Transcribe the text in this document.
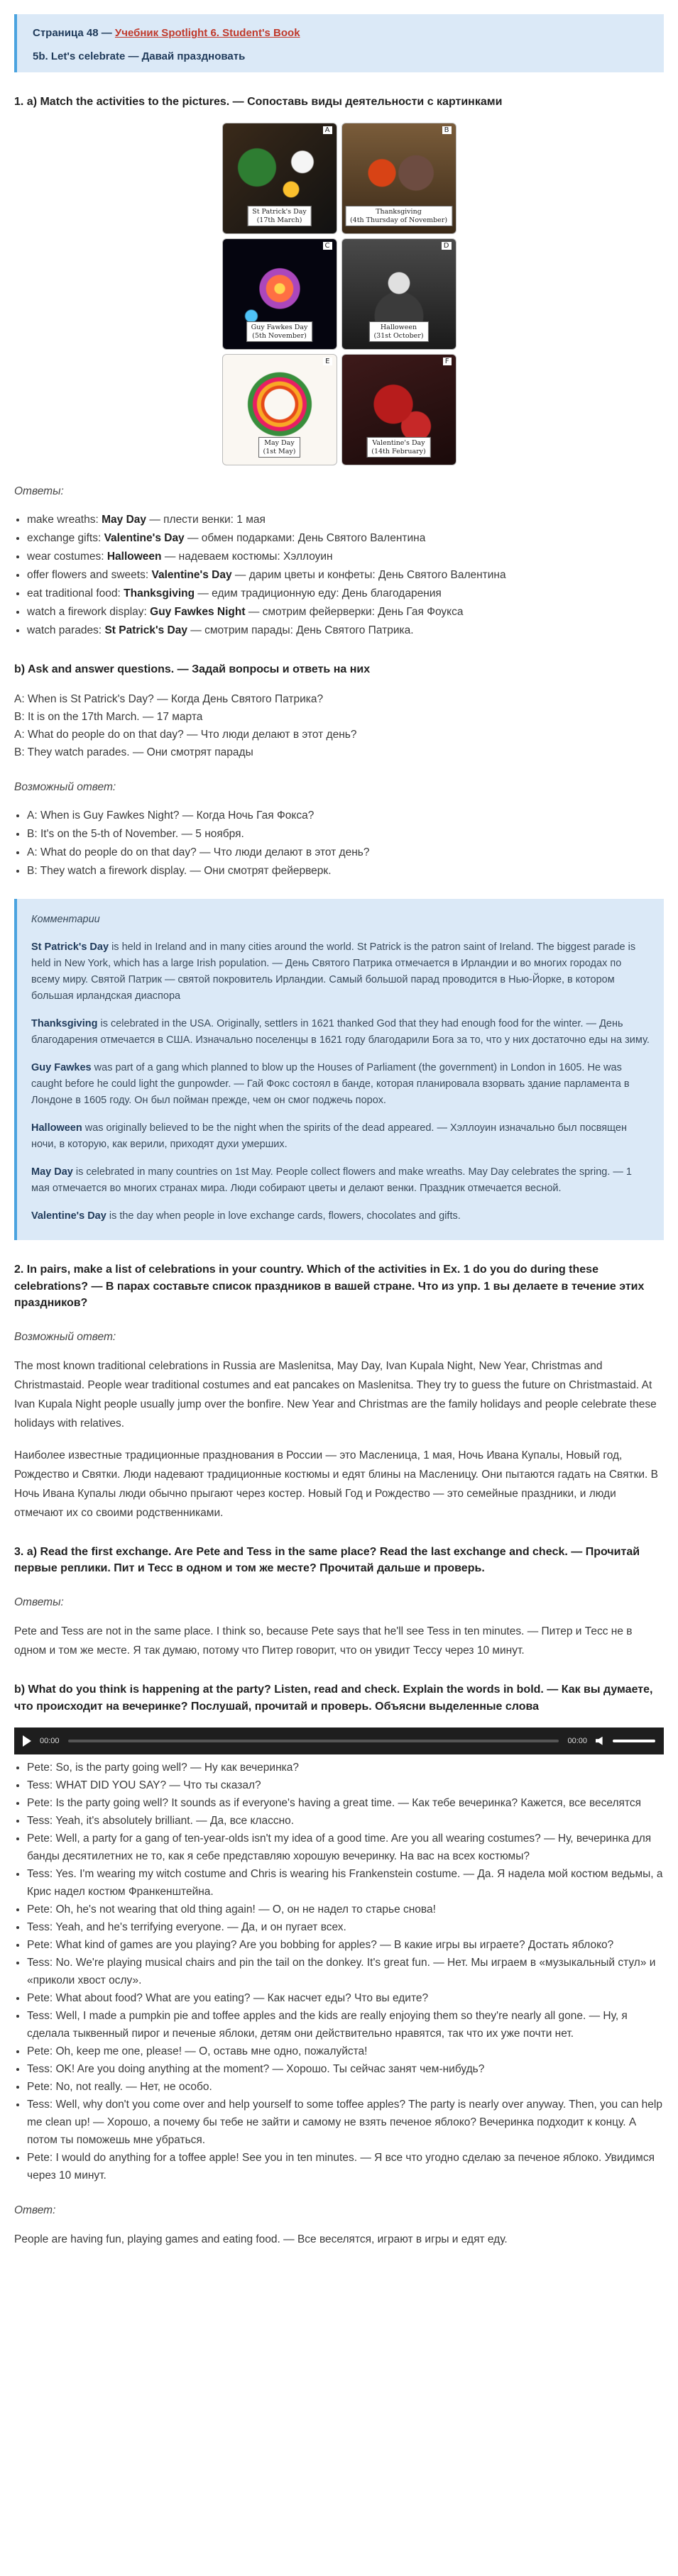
Страница 48 — Учебник Spotlight 6. Student's Book

5b. Let's celebrate — Давай праздновать

1. a) Match the activities to the pictures. — Сопоставь виды деятельности с картинками
A
St Patrick's Day
(17th March)
B
Thanksgiving
(4th Thursday of November)
C
Guy Fawkes Day
(5th November)
D
Halloween
(31st October)
E
May Day
(1st May)
F
Valentine's Day
(14th February)

Ответы:

• make wreaths: May Day — плести венки: 1 мая
• exchange gifts: Valentine's Day — обмен подарками: День Святого Валентина
• wear costumes: Halloween — надеваем костюмы: Хэллоуин
• offer flowers and sweets: Valentine's Day — дарим цветы и конфеты: День Святого Валентина
• eat traditional food: Thanksgiving — едим традиционную еду: День благодарения
• watch a firework display: Guy Fawkes Night — смотрим фейерверки: День Гая Фоукса
• watch parades: St Patrick's Day — смотрим парады: День Святого Патрика.
b) Ask and answer questions. — Задай вопросы и ответь на них

A: When is St Patrick's Day? — Когда День Святого Патрика?

B: It is on the 17th March. — 17 марта

A: What do people do on that day? — Что люди делают в этот день?

B: They watch parades. — Они смотрят парады

Возможный ответ:

• A: When is Guy Fawkes Night? — Когда Ночь Гая Фокса?
• B: It's on the 5-th of November. — 5 ноября.
• A: What do people do on that day? — Что люди делают в этот день?
• B: They watch a firework display. — Они смотрят фейерверк.
Комментарии

St Patrick's Day is held in Ireland and in many cities around the world. St Patrick is the patron saint of Ireland. The biggest parade is held in New York, which has a large Irish population. — День Святого Патрика отмечается в Ирландии и во многих городах по всему миру. Святой Патрик — святой покровитель Ирландии. Самый большой парад проводится в Нью-Йорке, в котором большая ирландская диаспора

Thanksgiving is celebrated in the USA. Originally, settlers in 1621 thanked God that they had enough food for the winter. — День благодарения отмечается в США. Изначально поселенцы в 1621 году благодарили Бога за то, что у них достаточно еды на зиму.

Guy Fawkes was part of a gang which planned to blow up the Houses of Parliament (the government) in London in 1605. He was caught before he could light the gunpowder. — Гай Фокс состоял в банде, которая планировала взорвать здание парламента в Лондоне в 1605 году. Он был пойман прежде, чем он смог поджечь порох.

Halloween was originally believed to be the night when the spirits of the dead appeared. — Хэллоуин изначально был посвящен ночи, в которую, как верили, приходят духи умерших.

May Day is celebrated in many countries on 1st May. People collect flowers and make wreaths. May Day celebrates the spring. — 1 мая отмечается во многих странах мира. Люди собирают цветы и делают венки. Праздник отмечается весной.

Valentine's Day is the day when people in love exchange cards, flowers, chocolates and gifts.

2. In pairs, make a list of celebrations in your country. Which of the activities in Ex. 1 do you do during these celebrations? — В парах составьте список праздников в вашей стране. Что из упр. 1 вы делаете в течение этих праздников?

Возможный ответ:

The most known traditional celebrations in Russia are Maslenitsa, May Day, Ivan Kupala Night, New Year, Christmas and Christmastaid. People wear traditional costumes and eat pancakes on Maslenitsa. They try to guess the future on Christmastaid. At Ivan Kupala Night people usually jump over the bonfire. New Year and Christmas are the family holidays and people celebrate these holidays with relatives.

Наиболее известные традиционные празднования в России — это Масленица, 1 мая, Ночь Ивана Купалы, Новый год, Рождество и Святки. Люди надевают традиционные костюмы и едят блины на Масленицу. Они пытаются гадать на Святки. В Ночь Ивана Купалы люди обычно прыгают через костер. Новый Год и Рождество — это семейные праздники, и люди отмечают их со своими родственниками.

3. a) Read the first exchange. Are Pete and Tess in the same place? Read the last exchange and check. — Прочитай первые реплики. Пит и Тесс в одном и том же месте? Прочитай дальше и проверь.

Ответы:

Pete and Tess are not in the same place. I think so, because Pete says that he'll see Tess in ten minutes. — Питер и Тесс не в одном и том же месте. Я так думаю, потому что Питер говорит, что он увидит Тессу через 10 минут.

b) What do you think is happening at the party? Listen, read and check. Explain the words in bold. — Как вы думаете, что происходит на вечеринке? Послушай, прочитай и проверь. Объясни выделенные слова
00:00	00:00
• Pete: So, is the party going well? — Ну как вечеринка?
• Tess: WHAT DID YOU SAY? — Что ты сказал?
• Pete: Is the party going well? It sounds as if everyone's having a great time. — Как тебе вечеринка? Кажется, все веселятся
• Tess: Yeah, it's absolutely brilliant. — Да, все классно.
• Pete: Well, a party for a gang of ten-year-olds isn't my idea of a good time. Are you all wearing costumes? — Ну, вечеринка для банды десятилетних не то, как я себе представляю хорошую вечеринку. На вас на всех костюмы?
• Tess: Yes. I'm wearing my witch costume and Chris is wearing his Frankenstein costume. — Да. Я надела мой костюм ведьмы, а Крис надел костюм Франкенштейна.
• Pete: Oh, he's not wearing that old thing again! — О, он не надел то старье снова!
• Tess: Yeah, and he's terrifying everyone. — Да, и он пугает всех.
• Pete: What kind of games are you playing? Are you bobbing for apples? — В какие игры вы играете? Достать яблоко?
• Tess: No. We're playing musical chairs and pin the tail on the donkey. It's great fun. — Нет. Мы играем в «музыкальный стул» и «приколи хвост ослу».
• Pete: What about food? What are you eating? — Как насчет еды? Что вы едите?
• Tess: Well, I made a pumpkin pie and toffee apples and the kids are really enjoying them so they're nearly all gone. — Ну, я сделала тыквенный пирог и печеные яблоки, детям они действительно нравятся, так что их уже почти нет.
• Pete: Oh, keep me one, please! — О, оставь мне одно, пожалуйста!
• Tess: OK! Are you doing anything at the moment? — Хорошо. Ты сейчас занят чем-нибудь?
• Pete: No, not really. — Нет, не особо.
• Tess: Well, why don't you come over and help yourself to some toffee apples? The party is nearly over anyway. Then, you can help me clean up! — Хорошо, а почему бы тебе не зайти и самому не взять печеное яблоко? Вечеринка подходит к концу. А потом ты поможешь мне убраться.
• Pete: I would do anything for a toffee apple! See you in ten minutes. — Я все что угодно сделаю за печеное яблоко. Увидимся через 10 минут.

Ответ:

People are having fun, playing games and eating food. — Все веселятся, играют в игры и едят еду.
